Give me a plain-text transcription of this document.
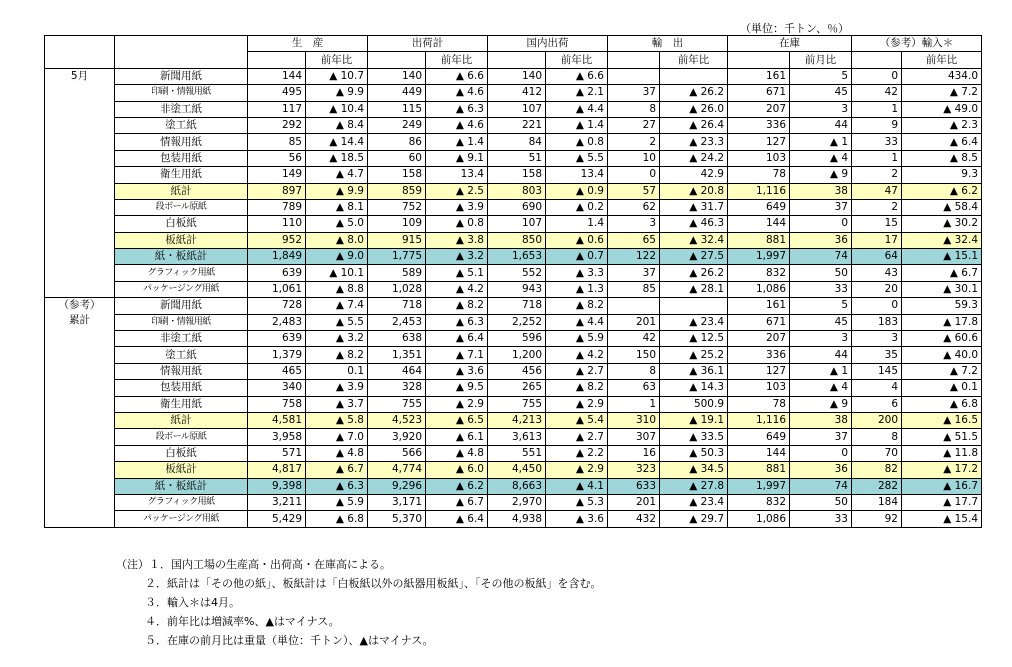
（単位：千トン、％）
		生　産		出荷計		国内出荷		輸　出		在庫		（参考）輸入＊	
			前年比		前年比		前年比		前年比		前月比		前年比
5月	新聞用紙	144	▲ 10.7	140	▲ 6.6	140	▲ 6.6			161	5	0	434.0
	印刷・情報用紙	495	▲ 9.9	449	▲ 4.6	412	▲ 2.1	37	▲ 26.2	671	45	42	▲ 7.2
	非塗工紙	117	▲ 10.4	115	▲ 6.3	107	▲ 4.4	8	▲ 26.0	207	3	1	▲ 49.0
	塗工紙	292	▲ 8.4	249	▲ 4.6	221	▲ 1.4	27	▲ 26.4	336	44	9	▲ 2.3
	情報用紙	85	▲ 14.4	86	▲ 1.4	84	▲ 0.8	2	▲ 23.3	127	▲ 1	33	▲ 6.4
	包装用紙	56	▲ 18.5	60	▲ 9.1	51	▲ 5.5	10	▲ 24.2	103	▲ 4	1	▲ 8.5
	衛生用紙	149	▲ 4.7	158	13.4	158	13.4	0	42.9	78	▲ 9	2	9.3
	紙計	897	▲ 9.9	859	▲ 2.5	803	▲ 0.9	57	▲ 20.8	1,116	38	47	▲ 6.2
	段ボール原紙	789	▲ 8.1	752	▲ 3.9	690	▲ 0.2	62	▲ 31.7	649	37	2	▲ 58.4
	白板紙	110	▲ 5.0	109	▲ 0.8	107	1.4	3	▲ 46.3	144	0	15	▲ 30.2
	板紙計	952	▲ 8.0	915	▲ 3.8	850	▲ 0.6	65	▲ 32.4	881	36	17	▲ 32.4
	紙・板紙計	1,849	▲ 9.0	1,775	▲ 3.2	1,653	▲ 0.7	122	▲ 27.5	1,997	74	64	▲ 15.1
	グラフィック用紙	639	▲ 10.1	589	▲ 5.1	552	▲ 3.3	37	▲ 26.2	832	50	43	▲ 6.7
	パッケージング用紙	1,061	▲ 8.8	1,028	▲ 4.2	943	▲ 1.3	85	▲ 28.1	1,086	33	20	▲ 30.1
（参考）
累計	新聞用紙	728	▲ 7.4	718	▲ 8.2	718	▲ 8.2			161	5	0	59.3
	印刷・情報用紙	2,483	▲ 5.5	2,453	▲ 6.3	2,252	▲ 4.4	201	▲ 23.4	671	45	183	▲ 17.8
	非塗工紙	639	▲ 3.2	638	▲ 6.4	596	▲ 5.9	42	▲ 12.5	207	3	3	▲ 60.6
	塗工紙	1,379	▲ 8.2	1,351	▲ 7.1	1,200	▲ 4.2	150	▲ 25.2	336	44	35	▲ 40.0
	情報用紙	465	0.1	464	▲ 3.6	456	▲ 2.7	8	▲ 36.1	127	▲ 1	145	▲ 7.2
	包装用紙	340	▲ 3.9	328	▲ 9.5	265	▲ 8.2	63	▲ 14.3	103	▲ 4	4	▲ 0.1
	衛生用紙	758	▲ 3.7	755	▲ 2.9	755	▲ 2.9	1	500.9	78	▲ 9	6	▲ 6.8
	紙計	4,581	▲ 5.8	4,523	▲ 6.5	4,213	▲ 5.4	310	▲ 19.1	1,116	38	200	▲ 16.5
	段ボール原紙	3,958	▲ 7.0	3,920	▲ 6.1	3,613	▲ 2.7	307	▲ 33.5	649	37	8	▲ 51.5
	白板紙	571	▲ 4.8	566	▲ 4.8	551	▲ 2.2	16	▲ 50.3	144	0	70	▲ 11.8
	板紙計	4,817	▲ 6.7	4,774	▲ 6.0	4,450	▲ 2.9	323	▲ 34.5	881	36	82	▲ 17.2
	紙・板紙計	9,398	▲ 6.3	9,296	▲ 6.2	8,663	▲ 4.1	633	▲ 27.8	1,997	74	282	▲ 16.7
	グラフィック用紙	3,211	▲ 5.9	3,171	▲ 6.7	2,970	▲ 5.3	201	▲ 23.4	832	50	184	▲ 17.7
	パッケージング用紙	5,429	▲ 6.8	5,370	▲ 6.4	4,938	▲ 3.6	432	▲ 29.7	1,086	33	92	▲ 15.4
（注）１．国内工場の生産高・出荷高・在庫高による。
２．紙計は「その他の紙」、板紙計は「白板紙以外の紙器用板紙」、「その他の板紙」を含む。
３．輸入＊は4月。
４．前年比は増減率%、▲はマイナス。
５．在庫の前月比は重量（単位：千トン）、▲はマイナス。
